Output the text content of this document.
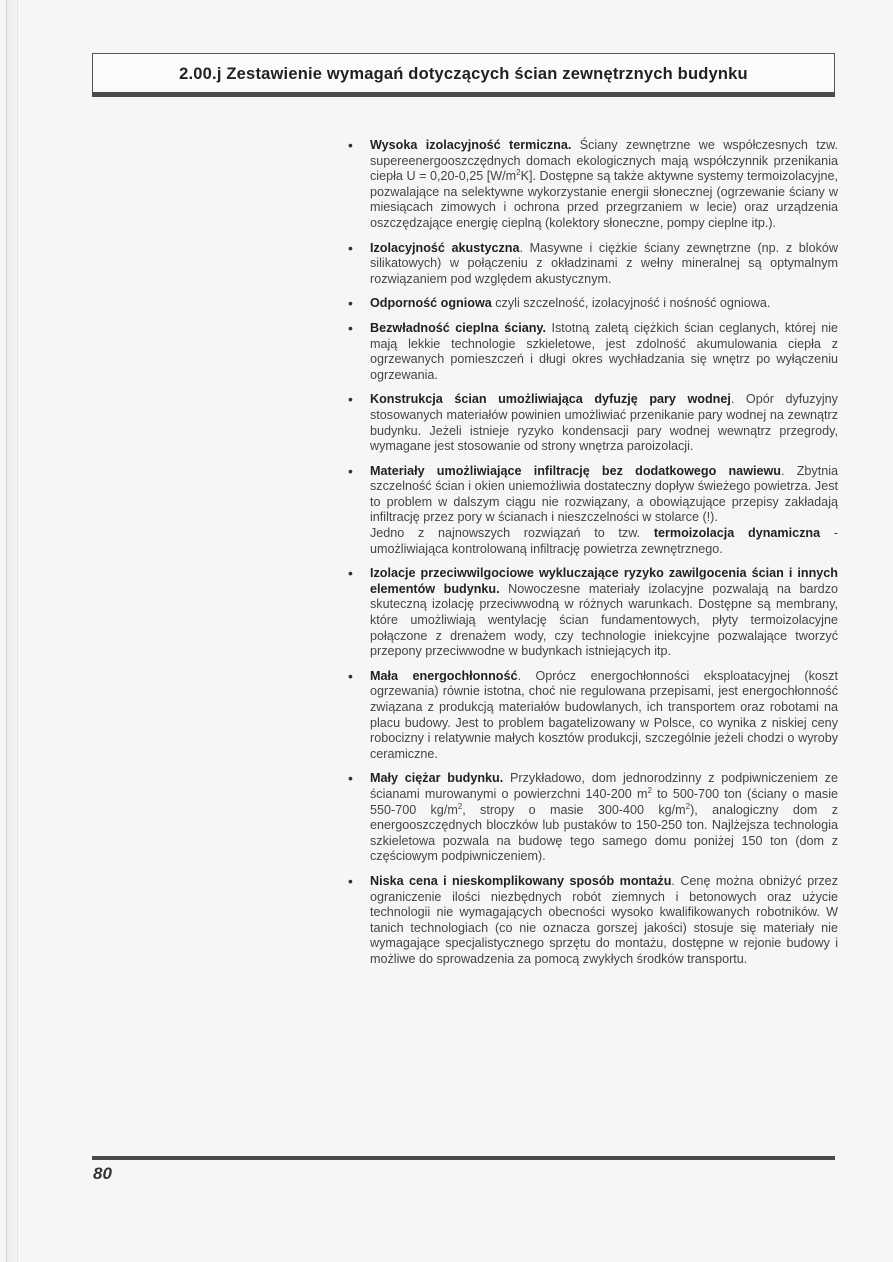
2.00.j Zestawienie wymagań dotyczących ścian zewnętrznych budynku
• Wysoka izolacyjność termiczna. Ściany zewnętrzne we współczesnych tzw. supereenergooszczędnych domach ekologicznych mają współczynnik przenikania ciepła U = 0,20-0,25 $[W/m^2K]$. Dostępne są także aktywne systemy termoizolacyjne, pozwalające na selektywne wykorzystanie energii słonecznej (ogrzewanie ściany w miesiącach zimowych i ochrona przed przegrzaniem w lecie) oraz urządzenia oszczędzające energię cieplną (kolektory słoneczne, pompy cieplne itp.).
• Izolacyjność akustyczna. Masywne i ciężkie ściany zewnętrzne (np. z bloków silikatowych) w połączeniu z okładzinami z wełny mineralnej są optymalnym rozwiązaniem pod względem akustycznym.
• Odporność ogniowa czyli szczelność, izolacyjność i nośność ogniowa.
• Bezwładność cieplna ściany. Istotną zaletą ciężkich ścian ceglanych, której nie mają lekkie technologie szkieletowe, jest zdolność akumulowania ciepła z ogrzewanych pomieszczeń i długi okres wychładzania się wnętrz po wyłączeniu ogrzewania.
• Konstrukcja ścian umożliwiająca dyfuzję pary wodnej. Opór dyfuzyjny stosowanych materiałów powinien umożliwiać przenikanie pary wodnej na zewnątrz budynku. Jeżeli istnieje ryzyko kondensacji pary wodnej wewnątrz przegrody, wymagane jest stosowanie od strony wnętrza paroizolacji.
• Materiały umożliwiające infiltrację bez dodatkowego nawiewu. Zbytnia szczelność ścian i okien uniemożliwia dostateczny dopływ świeżego powietrza. Jest to problem w dalszym ciągu nie rozwiązany, a obowiązujące przepisy zakładają infiltrację przez pory w ścianach i nieszczelności w stolarce (!).
Jedno z najnowszych rozwiązań to tzw. termoizolacja dynamiczna - umożliwiająca kontrolowaną infiltrację powietrza zewnętrznego.
• Izolacje przeciwwilgociowe wykluczające ryzyko zawilgocenia ścian i innych elementów budynku. Nowoczesne materiały izolacyjne pozwalają na bardzo skuteczną izolację przeciwwodną w różnych warunkach. Dostępne są membrany, które umożliwiają wentylację ścian fundamentowych, płyty termoizolacyjne połączone z drenażem wody, czy technologie iniekcyjne pozwalające tworzyć przepony przeciwwodne w budynkach istniejących itp.
• Mała energochłonność. Oprócz energochłonności eksploatacyjnej (koszt ogrzewania) równie istotna, choć nie regulowana przepisami, jest energochłonność związana z produkcją materiałów budowlanych, ich transportem oraz robotami na placu budowy. Jest to problem bagatelizowany w Polsce, co wynika z niskiej ceny robocizny i relatywnie małych kosztów produkcji, szczególnie jeżeli chodzi o wyroby ceramiczne.
• Mały ciężar budynku. Przykładowo, dom jednorodzinny z podpiwniczeniem ze ścianami murowanymi o powierzchni 140-200 $m^2$ to 500-700 ton (ściany o masie 550-700 $kg/m^2$, stropy o masie 300-400 $kg/m^2$), analogiczny dom z energooszczędnych bloczków lub pustaków to 150-250 ton. Najlżejsza technologia szkieletowa pozwala na budowę tego samego domu poniżej 150 ton (dom z częściowym podpiwniczeniem).
• Niska cena i nieskomplikowany sposób montażu. Cenę można obniżyć przez ograniczenie ilości niezbędnych robót ziemnych i betonowych oraz użycie technologii nie wymagających obecności wysoko kwalifikowanych robotników. W tanich technologiach (co nie oznacza gorszej jakości) stosuje się materiały nie wymagające specjalistycznego sprzętu do montażu, dostępne w rejonie budowy i możliwe do sprowadzenia za pomocą zwykłych środków transportu.
80
